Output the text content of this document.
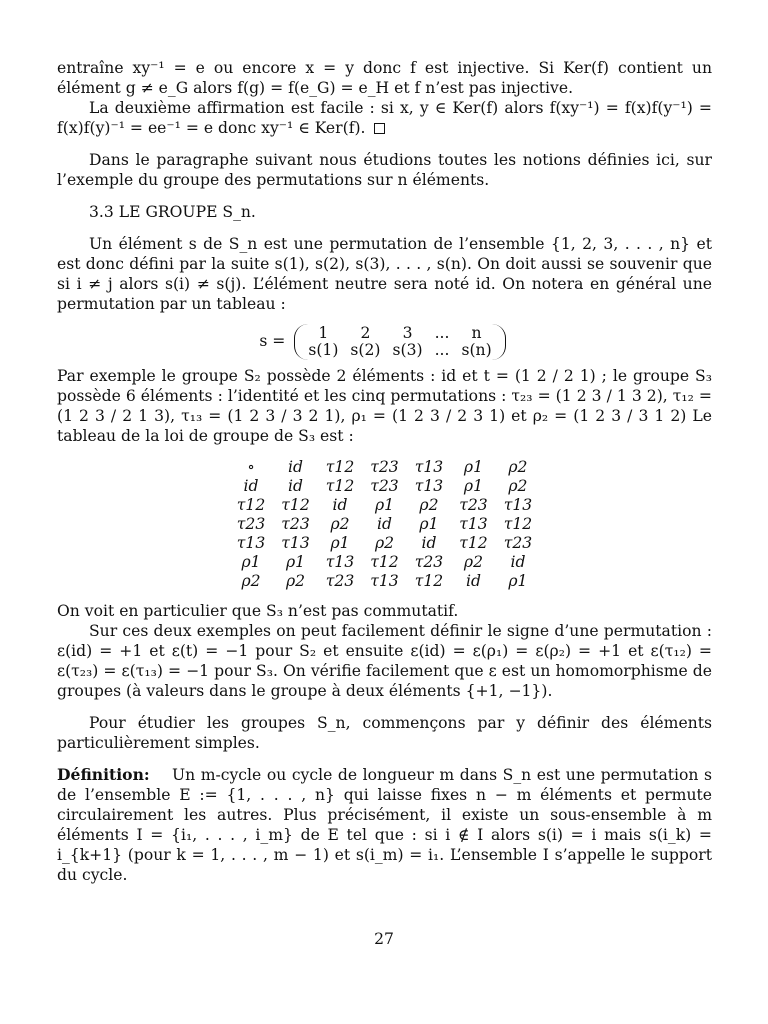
entraîne xy⁻¹ = e ou encore x = y donc f est injective. Si Ker(f) contient un élément g ≠ e_G alors f(g) = f(e_G) = e_H et f n’est pas injective.

La deuxième affirmation est facile : si x, y ∈ Ker(f) alors f(xy⁻¹) = f(x)f(y⁻¹) = f(x)f(y)⁻¹ = ee⁻¹ = e donc xy⁻¹ ∈ Ker(f).

Dans le paragraphe suivant nous étudions toutes les notions définies ici, sur l’exemple du groupe des permutations sur n éléments.

3.3 LE GROUPE S_n.

Un élément s de S_n est une permutation de l’ensemble {1, 2, 3, . . . , n} et est donc défini par la suite s(1), s(2), s(3), . . . , s(n). On doit aussi se souvenir que si i ≠ j alors s(i) ≠ s(j). L’élément neutre sera noté id. On notera en général une permutation par un tableau :

s = 1	2	3	...	n
s(1)	s(2)	s(3)	...	s(n)

Par exemple le groupe S₂ possède 2 éléments : id et t = (1 2 / 2 1) ; le groupe S₃ possède 6 éléments : l’identité et les cinq permutations : τ₂₃ = (1 2 3 / 1 3 2), τ₁₂ = (1 2 3 / 2 1 3), τ₁₃ = (1 2 3 / 3 2 1), ρ₁ = (1 2 3 / 2 3 1) et ρ₂ = (1 2 3 / 3 1 2) Le tableau de la loi de groupe de S₃ est :

∘	id	τ12	τ23	τ13	ρ1	ρ2
id	id	τ12	τ23	τ13	ρ1	ρ2
τ12	τ12	id	ρ1	ρ2	τ23	τ13
τ23	τ23	ρ2	id	ρ1	τ13	τ12
τ13	τ13	ρ1	ρ2	id	τ12	τ23
ρ1	ρ1	τ13	τ12	τ23	ρ2	id
ρ2	ρ2	τ23	τ13	τ12	id	ρ1

On voit en particulier que S₃ n’est pas commutatif.

Sur ces deux exemples on peut facilement définir le signe d’une permutation : ε(id) = +1 et ε(t) = −1 pour S₂ et ensuite ε(id) = ε(ρ₁) = ε(ρ₂) = +1 et ε(τ₁₂) = ε(τ₂₃) = ε(τ₁₃) = −1 pour S₃. On vérifie facilement que ε est un homomorphisme de groupes (à valeurs dans le groupe à deux éléments {+1, −1}).

Pour étudier les groupes S_n, commençons par y définir des éléments particulièrement simples.

Définition: Un m-cycle ou cycle de longueur m dans S_n est une permutation s de l’ensemble E := {1, . . . , n} qui laisse fixes n − m éléments et permute circulairement les autres. Plus précisément, il existe un sous-ensemble à m éléments I = {i₁, . . . , i_m} de E tel que : si i ∉ I alors s(i) = i mais s(i_k) = i_{k+1} (pour k = 1, . . . , m − 1) et s(i_m) = i₁. L’ensemble I s’appelle le support du cycle.

27
